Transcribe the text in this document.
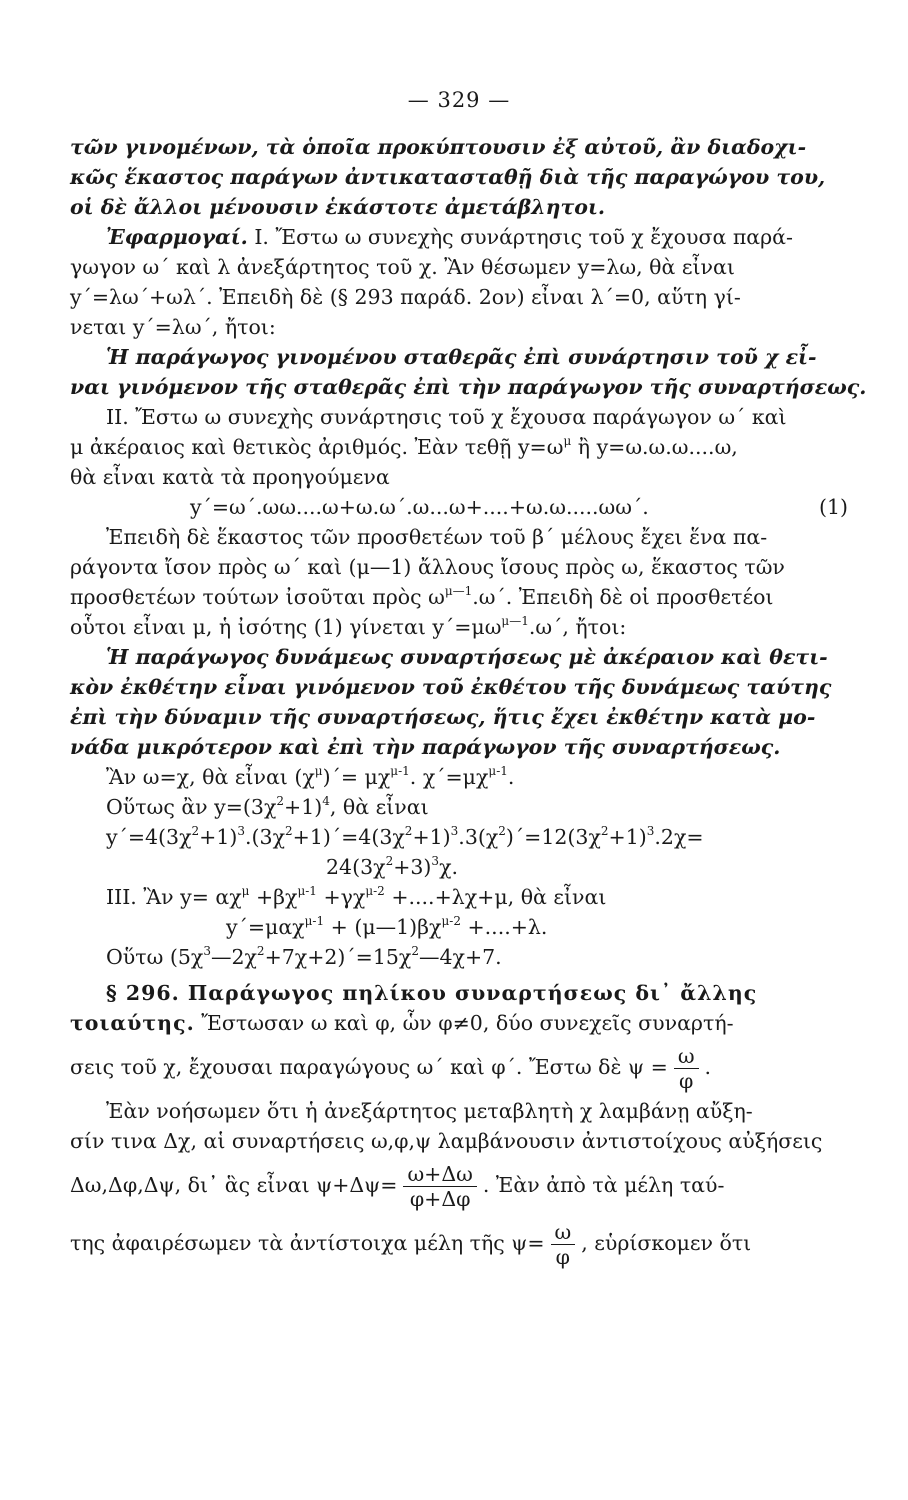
— 329 —
τῶν γινομένων, τὰ ὁποῖα προκύπτουσιν ἐξ αὐτοῦ, ἂν διαδοχι-
κῶς ἕκαστος παράγων ἀντικατασταθῇ διὰ τῆς παραγώγου του,
οἱ δὲ ἄλλοι μένουσιν ἑκάστοτε ἀμετάβλητοι.
Ἐφαρμογαί. Ι. Ἔστω ω συνεχὴς συνάρτησις τοῦ χ ἔχουσα παρά-
γωγον ω΄ καὶ λ ἀνεξάρτητος τοῦ χ. Ἂν θέσωμεν y=λω, θὰ εἶναι
y΄=λω΄+ωλ΄. Ἐπειδὴ δὲ (§ 293 παράδ. 2ον) εἶναι λ΄=0, αὕτη γί-
νεται y΄=λω΄, ἤτοι:
Ἡ παράγωγος γινομένου σταθερᾶς ἐπὶ συνάρτησιν τοῦ χ εἶ-
ναι γινόμενον τῆς σταθερᾶς ἐπὶ τὴν παράγωγον τῆς συναρτήσεως.
ΙΙ. Ἔστω ω συνεχὴς συνάρτησις τοῦ χ ἔχουσα παράγωγον ω΄ καὶ
μ ἀκέραιος καὶ θετικὸς ἀριθμός. Ἐὰν τεθῇ $y=\omega^\mu$ ἢ y=ω.ω.ω....ω,
θὰ εἶναι κατὰ τὰ προηγούμενα
y΄=ω΄.ωω....ω+ω.ω΄.ω...ω+....+ω.ω.....ωω΄.	(1)
Ἐπειδὴ δὲ ἕκαστος τῶν προσθετέων τοῦ β΄ μέλους ἔχει ἕνα πα-
ράγοντα ἴσον πρὸς ω΄ καὶ (μ—1) ἄλλους ἴσους πρὸς ω, ἕκαστος τῶν
προσθετέων τούτων ἰσοῦται πρὸς $\omega^{\mu—1}.\omega΄$. Ἐπειδὴ δὲ οἱ προσθετέοι
οὗτοι εἶναι μ, ἡ ἰσότης (1) γίνεται $y΄=\mu\omega^{\mu—1}.\omega΄$, ἤτοι:
Ἡ παράγωγος δυνάμεως συναρτήσεως μὲ ἀκέραιον καὶ θετι-
κὸν ἐκθέτην εἶναι γινόμενον τοῦ ἐκθέτου τῆς δυνάμεως ταύτης
ἐπὶ τὴν δύναμιν τῆς συναρτήσεως, ἥτις ἔχει ἐκθέτην κατὰ μο-
νάδα μικρότερον καὶ ἐπὶ τὴν παράγωγον τῆς συναρτήσεως.
Ἂν ω=χ, θὰ εἶναι $(\chi^\mu)΄= \mu\chi^{\mu-1}$. $\chi΄=\mu\chi^{\mu-1}$.
Οὕτως ἂν $y=(3\chi^2+1)^4$, θὰ εἶναι
$y΄=4(3\chi^2+1)^3.(3\chi^2+1)΄=4(3\chi^2+1)^3.3(\chi^2)΄=12(3\chi^2+1)^3.2\chi=$
$24(3\chi^2+3)^3\chi$.
ΙΙΙ. Ἂν $y= \alpha\chi^\mu +\beta\chi^{\mu-1} +\gamma\chi^{\mu-2} +....+\lambda\chi+\mu$, θὰ εἶναι
$y΄=\mu\alpha\chi^{\mu-1} + (\mu—1)\beta\chi^{\mu-2} +....+\lambda$.
Οὕτω $(5\chi^3—2\chi^2+7\chi+2)΄=15\chi^2—4\chi+7$.
§ 296. Παράγωγος πηλίκου συναρτήσεως δι᾽ ἄλλης
τοιαύτης. Ἔστωσαν ω καὶ φ, ὧν φ≠0, δύο συνεχεῖς συναρτή-
σεις τοῦ χ, ἔχουσαι παραγώγους ω΄ καὶ φ΄. Ἔστω δὲ $\psi = \frac{\omega}{\varphi}$ .
Ἐὰν νοήσωμεν ὅτι ἡ ἀνεξάρτητος μεταβλητὴ χ λαμβάνῃ αὔξη-
σίν τινα Δχ, αἱ συναρτήσεις ω,φ,ψ λαμβάνουσιν ἀντιστοίχους αὐξήσεις
Δω,Δφ,Δψ, δι᾽ ἃς εἶναι $\psi+\Delta\psi= \frac{\omega+\Delta\omega}{\varphi+\Delta\varphi}$ . Ἐὰν ἀπὸ τὰ μέλη ταύ-
της ἀφαιρέσωμεν τὰ ἀντίστοιχα μέλη τῆς $\psi= \frac{\omega}{\varphi}$ , εὑρίσκομεν ὅτι
